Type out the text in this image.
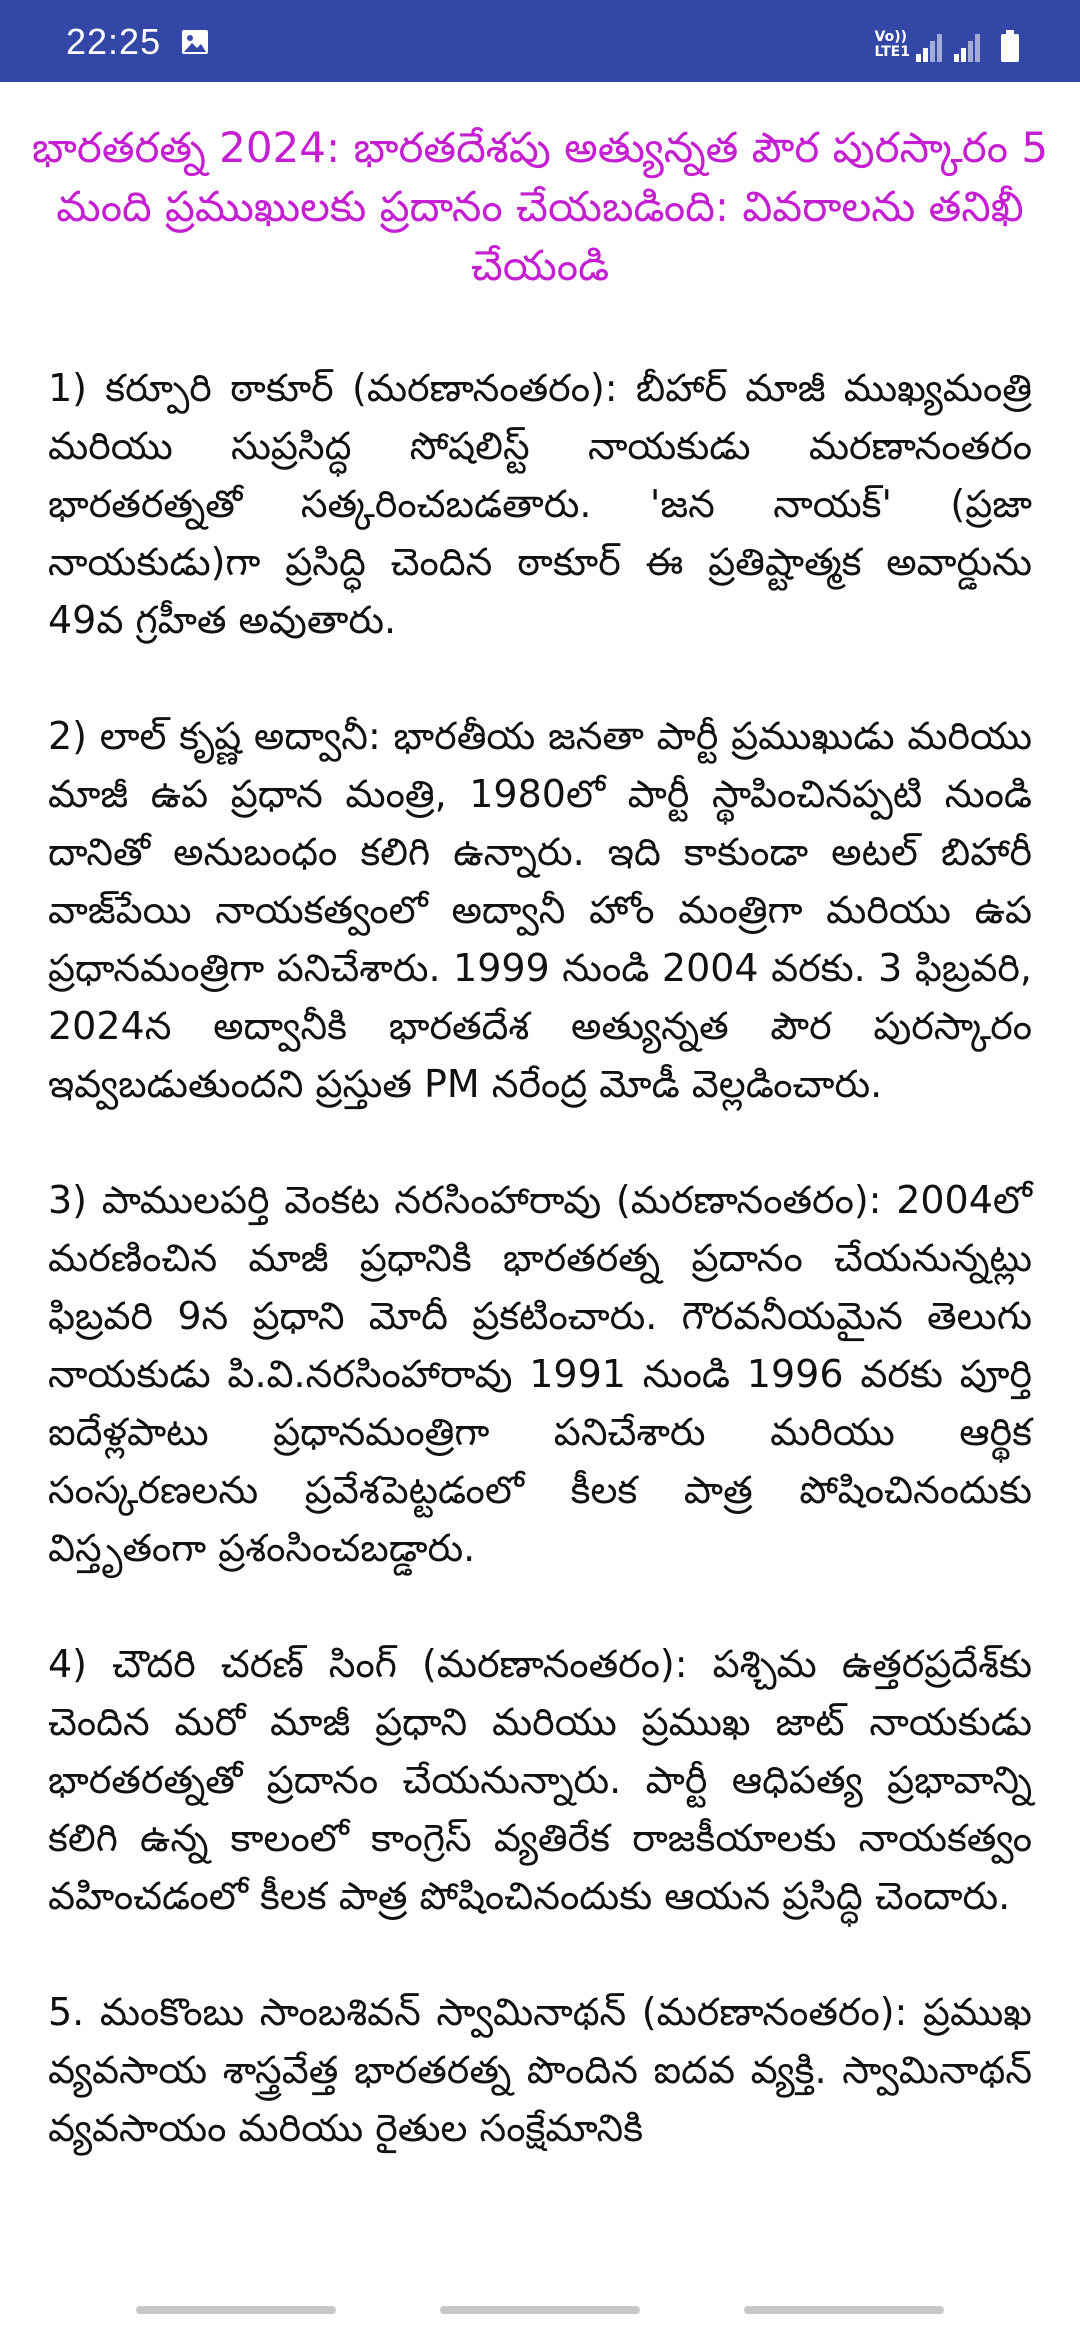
22:25	Vo))
LTE1
భారతరత్న 2024: భారతదేశపు అత్యున్నత పౌర పురస్కారం 5 మంది ప్రముఖులకు ప్రదానం చేయబడింది: వివరాలను తనిఖీ చేయండి
1) కర్పూరి ఠాకూర్ (మరణానంతరం): బీహార్ మాజీ ముఖ్యమంత్రి మరియు సుప్రసిద్ధ సోషలిస్ట్ నాయకుడు మరణానంతరం భారతరత్నతో సత్కరించబడతారు. 'జన నాయక్' (ప్రజా నాయకుడు)గా ప్రసిద్ధి చెందిన ఠాకూర్ ఈ ప్రతిష్టాత్మక అవార్డును 49వ గ్రహీత అవుతారు.
2) లాల్ కృష్ణ అద్వానీ: భారతీయ జనతా పార్టీ ప్రముఖుడు మరియు మాజీ ఉప ప్రధాన మంత్రి, 1980లో పార్టీ స్థాపించినప్పటి నుండి దానితో అనుబంధం కలిగి ఉన్నారు. ఇది కాకుండా అటల్ బిహారీ వాజ్‌పేయి నాయకత్వంలో అద్వానీ హోం మంత్రిగా మరియు ఉప ప్రధానమంత్రిగా పనిచేశారు. 1999 నుండి 2004 వరకు. 3 ఫిబ్రవరి, 2024న అద్వానీకి భారతదేశ అత్యున్నత పౌర పురస్కారం ఇవ్వబడుతుందని ప్రస్తుత PM నరేంద్ర మోడీ వెల్లడించారు.
3) పాములపర్తి వెంకట నరసింహారావు (మరణానంతరం): 2004లో మరణించిన మాజీ ప్రధానికి భారతరత్న ప్రదానం చేయనున్నట్లు ఫిబ్రవరి 9న ప్రధాని మోదీ ప్రకటించారు. గౌరవనీయమైన తెలుగు నాయకుడు పి.వి.నరసింహారావు 1991 నుండి 1996 వరకు పూర్తి ఐదేళ్లపాటు ప్రధానమంత్రిగా పనిచేశారు మరియు ఆర్థిక సంస్కరణలను ప్రవేశపెట్టడంలో కీలక పాత్ర పోషించినందుకు విస్తృతంగా ప్రశంసించబడ్డారు.
4) చౌదరి చరణ్ సింగ్ (మరణానంతరం): పశ్చిమ ఉత్తరప్రదేశ్‌కు చెందిన మరో మాజీ ప్రధాని మరియు ప్రముఖ జాట్ నాయకుడు భారతరత్నతో ప్రదానం చేయనున్నారు. పార్టీ ఆధిపత్య ప్రభావాన్ని కలిగి ఉన్న కాలంలో కాంగ్రెస్ వ్యతిరేక రాజకీయాలకు నాయకత్వం వహించడంలో కీలక పాత్ర పోషించినందుకు ఆయన ప్రసిద్ధి చెందారు.
5. మంకొంబు సాంబశివన్ స్వామినాథన్ (మరణానంతరం): ప్రముఖ వ్యవసాయ శాస్త్రవేత్త భారతరత్న పొందిన ఐదవ వ్యక్తి. స్వామినాథన్ వ్యవసాయం మరియు రైతుల సంక్షేమానికి
